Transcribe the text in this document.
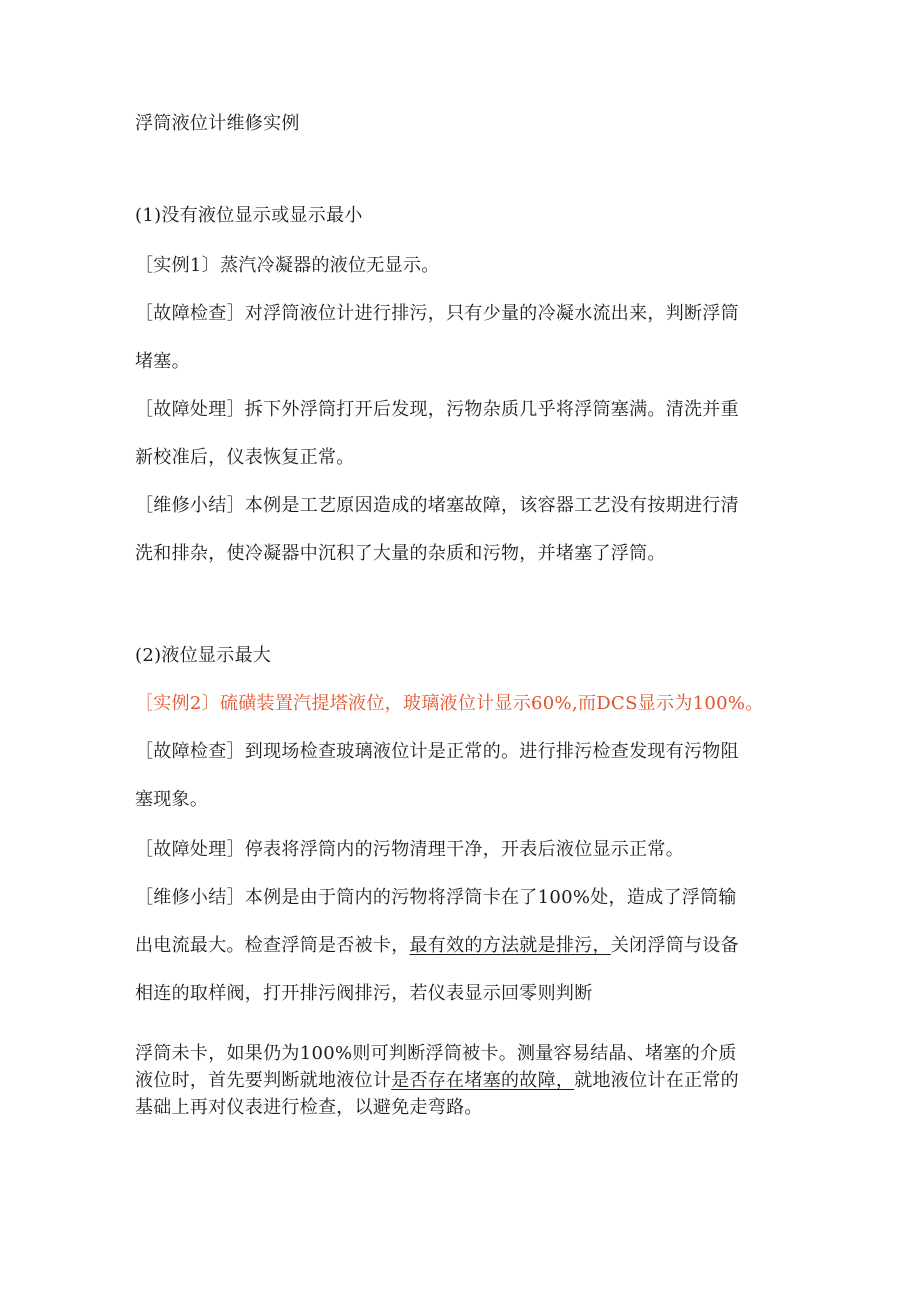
浮筒液位计维修实例
(1)没有液位显示或显示最小
［实例1〕蒸汽冷凝器的液位无显示。
［故障检查］对浮筒液位计进行排污，只有少量的冷凝水流出来，判断浮筒
堵塞。
［故障处理］拆下外浮筒打开后发现，污物杂质几乎将浮筒塞满。清洗并重
新校准后，仪表恢复正常。
［维修小结］本例是工艺原因造成的堵塞故障，该容器工艺没有按期进行清
洗和排杂，使冷凝器中沉积了大量的杂质和污物，并堵塞了浮筒。
(2)液位显示最大
［实例2〕硫磺装置汽提塔液位，玻璃液位计显示60%,而DCS显示为100%。
［故障检查］到现场检查玻璃液位计是正常的。进行排污检查发现有污物阻
塞现象。
［故障处理］停表将浮筒内的污物清理干净，开表后液位显示正常。
［维修小结］本例是由于筒内的污物将浮筒卡在了100%处，造成了浮筒输
出电流最大。检查浮筒是否被卡，最有效的方法就是排污，关闭浮筒与设备
相连的取样阀，打开排污阀排污，若仪表显示回零则判断
浮筒未卡，如果仍为100%则可判断浮筒被卡。测量容易结晶、堵塞的介质
液位时，首先要判断就地液位计是否存在堵塞的故障，就地液位计在正常的
基础上再对仪表进行检查，以避免走弯路。
